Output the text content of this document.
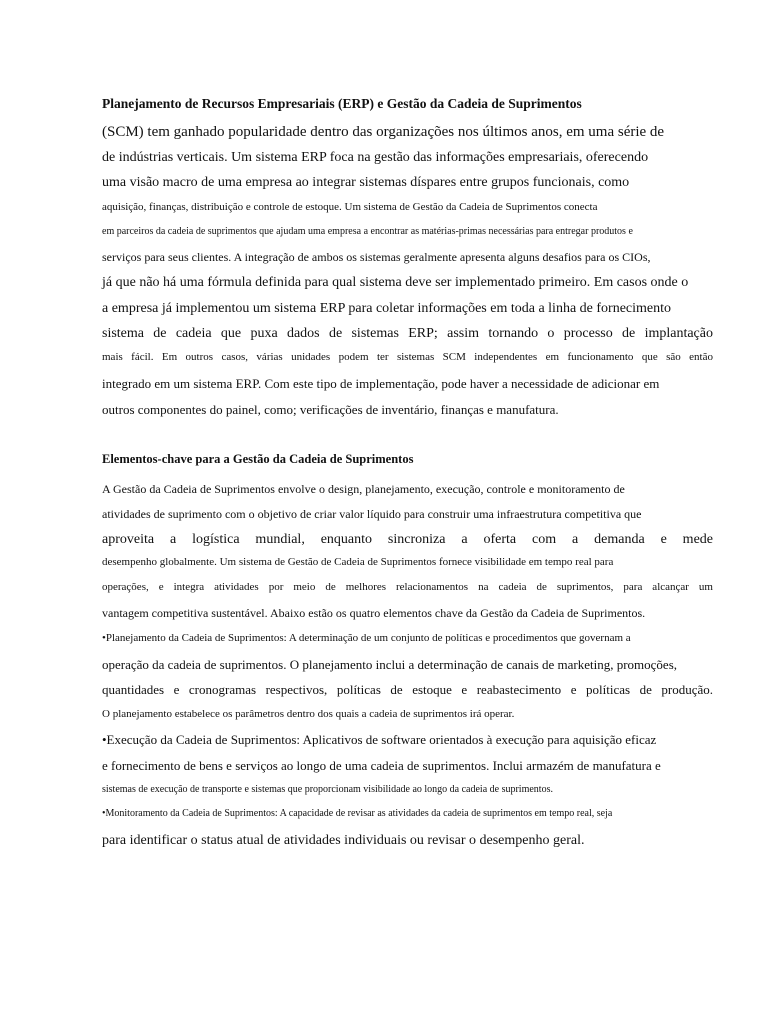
Planejamento de Recursos Empresariais (ERP) e Gestão da Cadeia de Suprimentos
(SCM) tem ganhado popularidade dentro das organizações nos últimos anos, em uma série de
de indústrias verticais. Um sistema ERP foca na gestão das informações empresariais, oferecendo
uma visão macro de uma empresa ao integrar sistemas díspares entre grupos funcionais, como
aquisição, finanças, distribuição e controle de estoque. Um sistema de Gestão da Cadeia de Suprimentos conecta
em parceiros da cadeia de suprimentos que ajudam uma empresa a encontrar as matérias-primas necessárias para entregar produtos e
serviços para seus clientes. A integração de ambos os sistemas geralmente apresenta alguns desafios para os CIOs,
já que não há uma fórmula definida para qual sistema deve ser implementado primeiro. Em casos onde o
a empresa já implementou um sistema ERP para coletar informações em toda a linha de fornecimento
sistema de cadeia que puxa dados de sistemas ERP; assim tornando o processo de implantação
mais fácil. Em outros casos, várias unidades podem ter sistemas SCM independentes em funcionamento que são então
integrado em um sistema ERP. Com este tipo de implementação, pode haver a necessidade de adicionar em
outros componentes do painel, como; verificações de inventário, finanças e manufatura.
Elementos-chave para a Gestão da Cadeia de Suprimentos
A Gestão da Cadeia de Suprimentos envolve o design, planejamento, execução, controle e monitoramento de
atividades de suprimento com o objetivo de criar valor líquido para construir uma infraestrutura competitiva que
aproveita a logística mundial, enquanto sincroniza a oferta com a demanda e mede
desempenho globalmente. Um sistema de Gestão de Cadeia de Suprimentos fornece visibilidade em tempo real para
operações, e integra atividades por meio de melhores relacionamentos na cadeia de suprimentos, para alcançar um
vantagem competitiva sustentável. Abaixo estão os quatro elementos chave da Gestão da Cadeia de Suprimentos.
•Planejamento da Cadeia de Suprimentos: A determinação de um conjunto de políticas e procedimentos que governam a
operação da cadeia de suprimentos. O planejamento inclui a determinação de canais de marketing, promoções,
quantidades e cronogramas respectivos, políticas de estoque e reabastecimento e políticas de produção.
O planejamento estabelece os parâmetros dentro dos quais a cadeia de suprimentos irá operar.
•Execução da Cadeia de Suprimentos: Aplicativos de software orientados à execução para aquisição eficaz
e fornecimento de bens e serviços ao longo de uma cadeia de suprimentos. Inclui armazém de manufatura e
sistemas de execução de transporte e sistemas que proporcionam visibilidade ao longo da cadeia de suprimentos.
•Monitoramento da Cadeia de Suprimentos: A capacidade de revisar as atividades da cadeia de suprimentos em tempo real, seja
para identificar o status atual de atividades individuais ou revisar o desempenho geral.
